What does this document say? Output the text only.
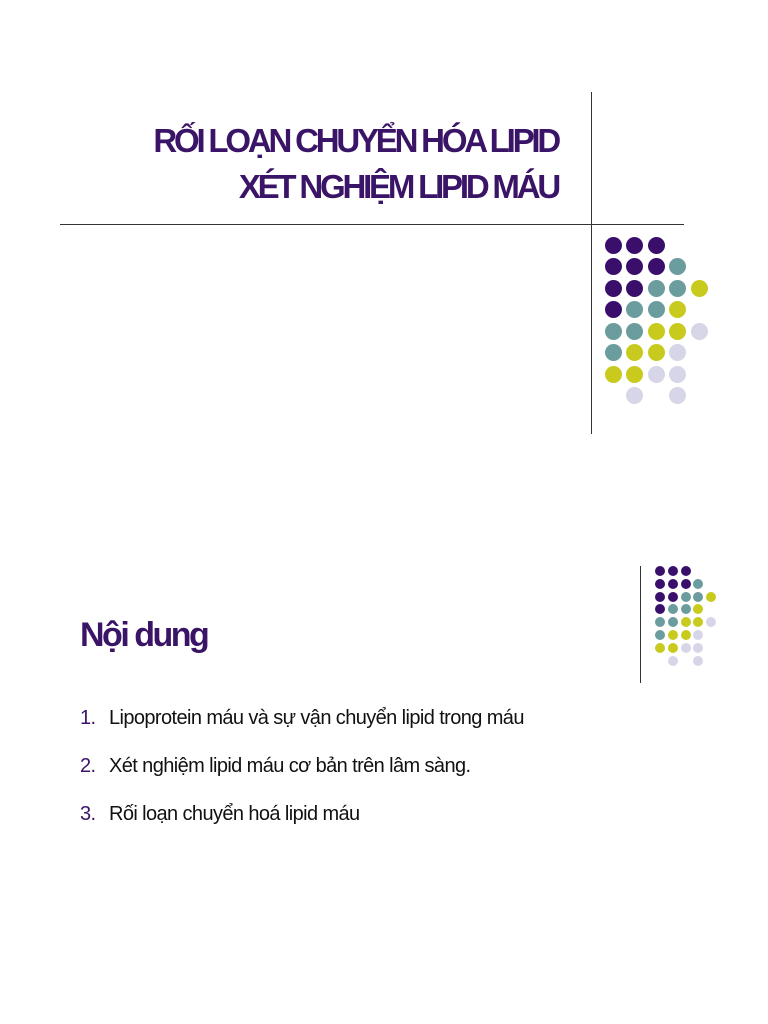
RỐI LOẠN CHUYỂN HÓA LIPID
XÉT NGHIỆM LIPID MÁU
Nội dung
1. Lipoprotein máu và sự vận chuyển lipid trong máu
2. Xét nghiệm lipid máu cơ bản trên lâm sàng.
3. Rối loạn chuyển hoá lipid máu
